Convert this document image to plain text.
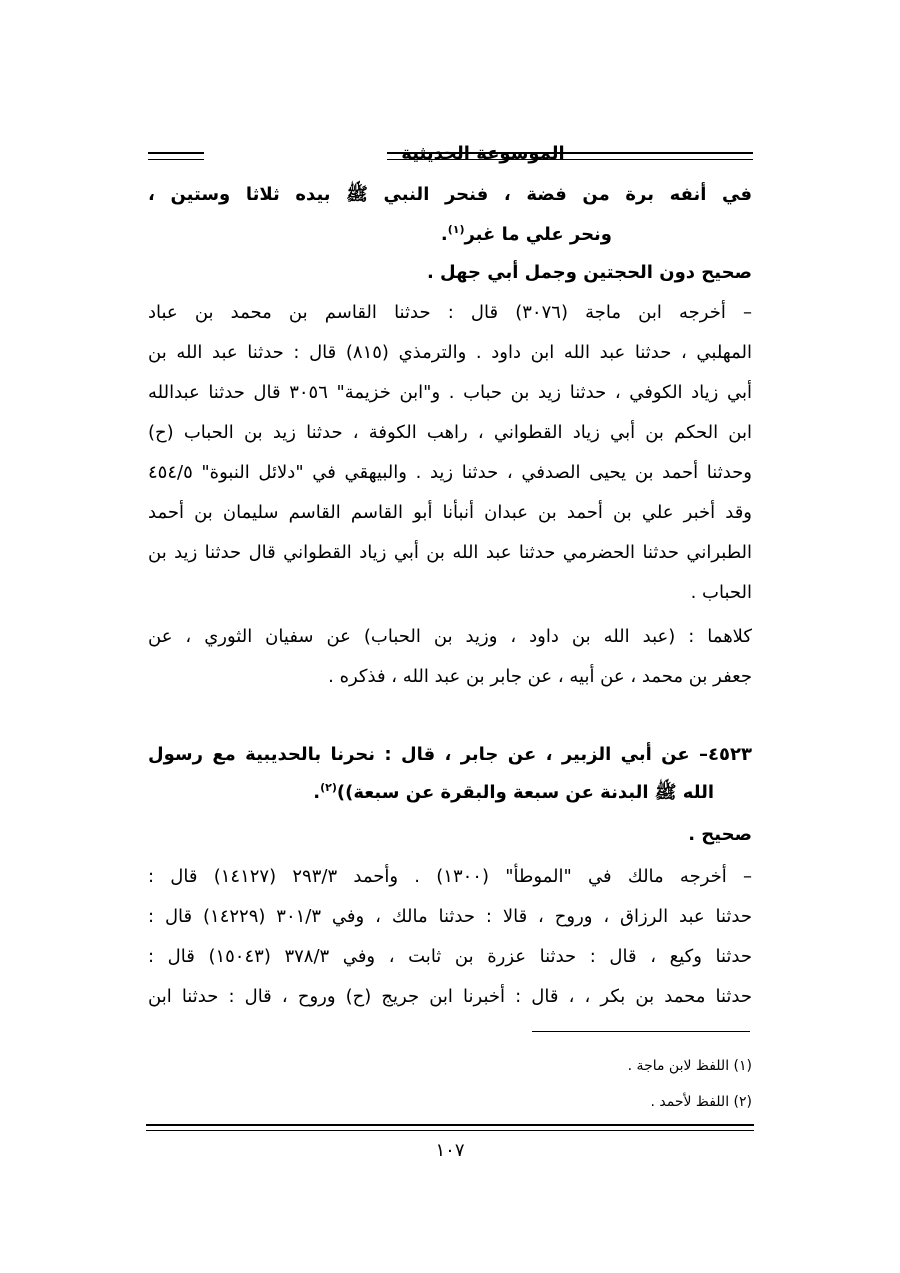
الموسوعة الحديثية
في أنفه برة من فضة ، فنحر النبي ﷺ بيده ثلاثا وستين ،
ونحر علي ما غبر$^{(١)}$.
صحيح دون الحجتين وجمل أبي جهل .
– أخرجه ابن ماجة (٣٠٧٦) قال : حدثنا القاسم بن محمد بن عباد
المهلبي ، حدثنا عبد الله ابن داود . والترمذي (٨١٥) قال : حدثنا عبد الله بن
أبي زياد الكوفي ، حدثنا زيد بن حباب . و"ابن خزيمة" ٣٠٥٦ قال حدثنا عبدالله
ابن الحكم بن أبي زياد القطواني ، راهب الكوفة ، حدثنا زيد بن الحباب (ح)
وحدثنا أحمد بن يحيى الصدفي ، حدثنا زيد . والبيهقي في "دلائل النبوة" ٤٥٤/٥
وقد أخبر علي بن أحمد بن عبدان أنبأنا أبو القاسم القاسم سليمان بن أحمد
الطبراني حدثنا الحضرمي حدثنا عبد الله بن أبي زياد القطواني قال حدثنا زيد بن
الحباب .
كلاهما : (عبد الله بن داود ، وزيد بن الحباب) عن سفيان الثوري ، عن
جعفر بن محمد ، عن أبيه ، عن جابر بن عبد الله ، فذكره .
٤٥٢٣– عن أبي الزبير ، عن جابر ، قال : نحرنا بالحديبية مع رسول
الله ﷺ البدنة عن سبعة والبقرة عن سبعة))$^{(٢)}$.
صحيح .
– أخرجه مالك في "الموطأ" (١٣٠٠) . وأحمد ٢٩٣/٣ (١٤١٢٧) قال :
حدثنا عبد الرزاق ، وروح ، قالا : حدثنا مالك ، وفي ٣٠١/٣ (١٤٢٢٩) قال :
حدثنا وكيع ، قال : حدثنا عزرة بن ثابت ، وفي ٣٧٨/٣ (١٥٠٤٣) قال :
حدثنا محمد بن بكر ، ، قال : أخبرنا ابن جريج (ح) وروح ، قال : حدثنا ابن
(١) اللفظ لابن ماجة .
(٢) اللفظ لأحمد .
١٠٧
